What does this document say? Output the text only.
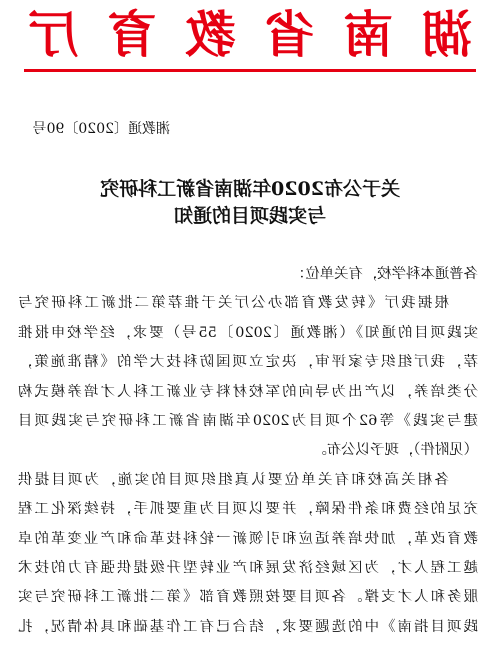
湖
南
省
教
育
厅
湘教通〔2020〕90号
关于公布2020年湖南省新工科研究
与实践项目的通知
各普通本科学校，有关单位：
根据我厅《转发教育部办公厅关于推荐第二批新工科研究与
实践项目的通知》（湘教通〔2020〕55号）要求，经学校申报推
荐，我厅组织专家评审，决定立项国防科技大学的《精准施策，
分类培养，以产出为导向的军校材料专业新工科人才培养模式构
建与实践》等62个项目为2020年湖南省新工科研究与实践项目
（见附件），现予以公布。
各相关高校和有关单位要认真组织项目的实施，为项目提供
充足的经费和条件保障，并要以项目为重要抓手，持续深化工程
教育改革，加快培养适应和引领新一轮科技革命和产业变革的卓
越工程人才，为区域经济发展和产业转型升级提供强有力的技术
服务和人才支撑。各项目要按照教育部《第二批新工科研究与实
践项目指南》中的选题要求，结合已有工作基础和具体情况，扎
